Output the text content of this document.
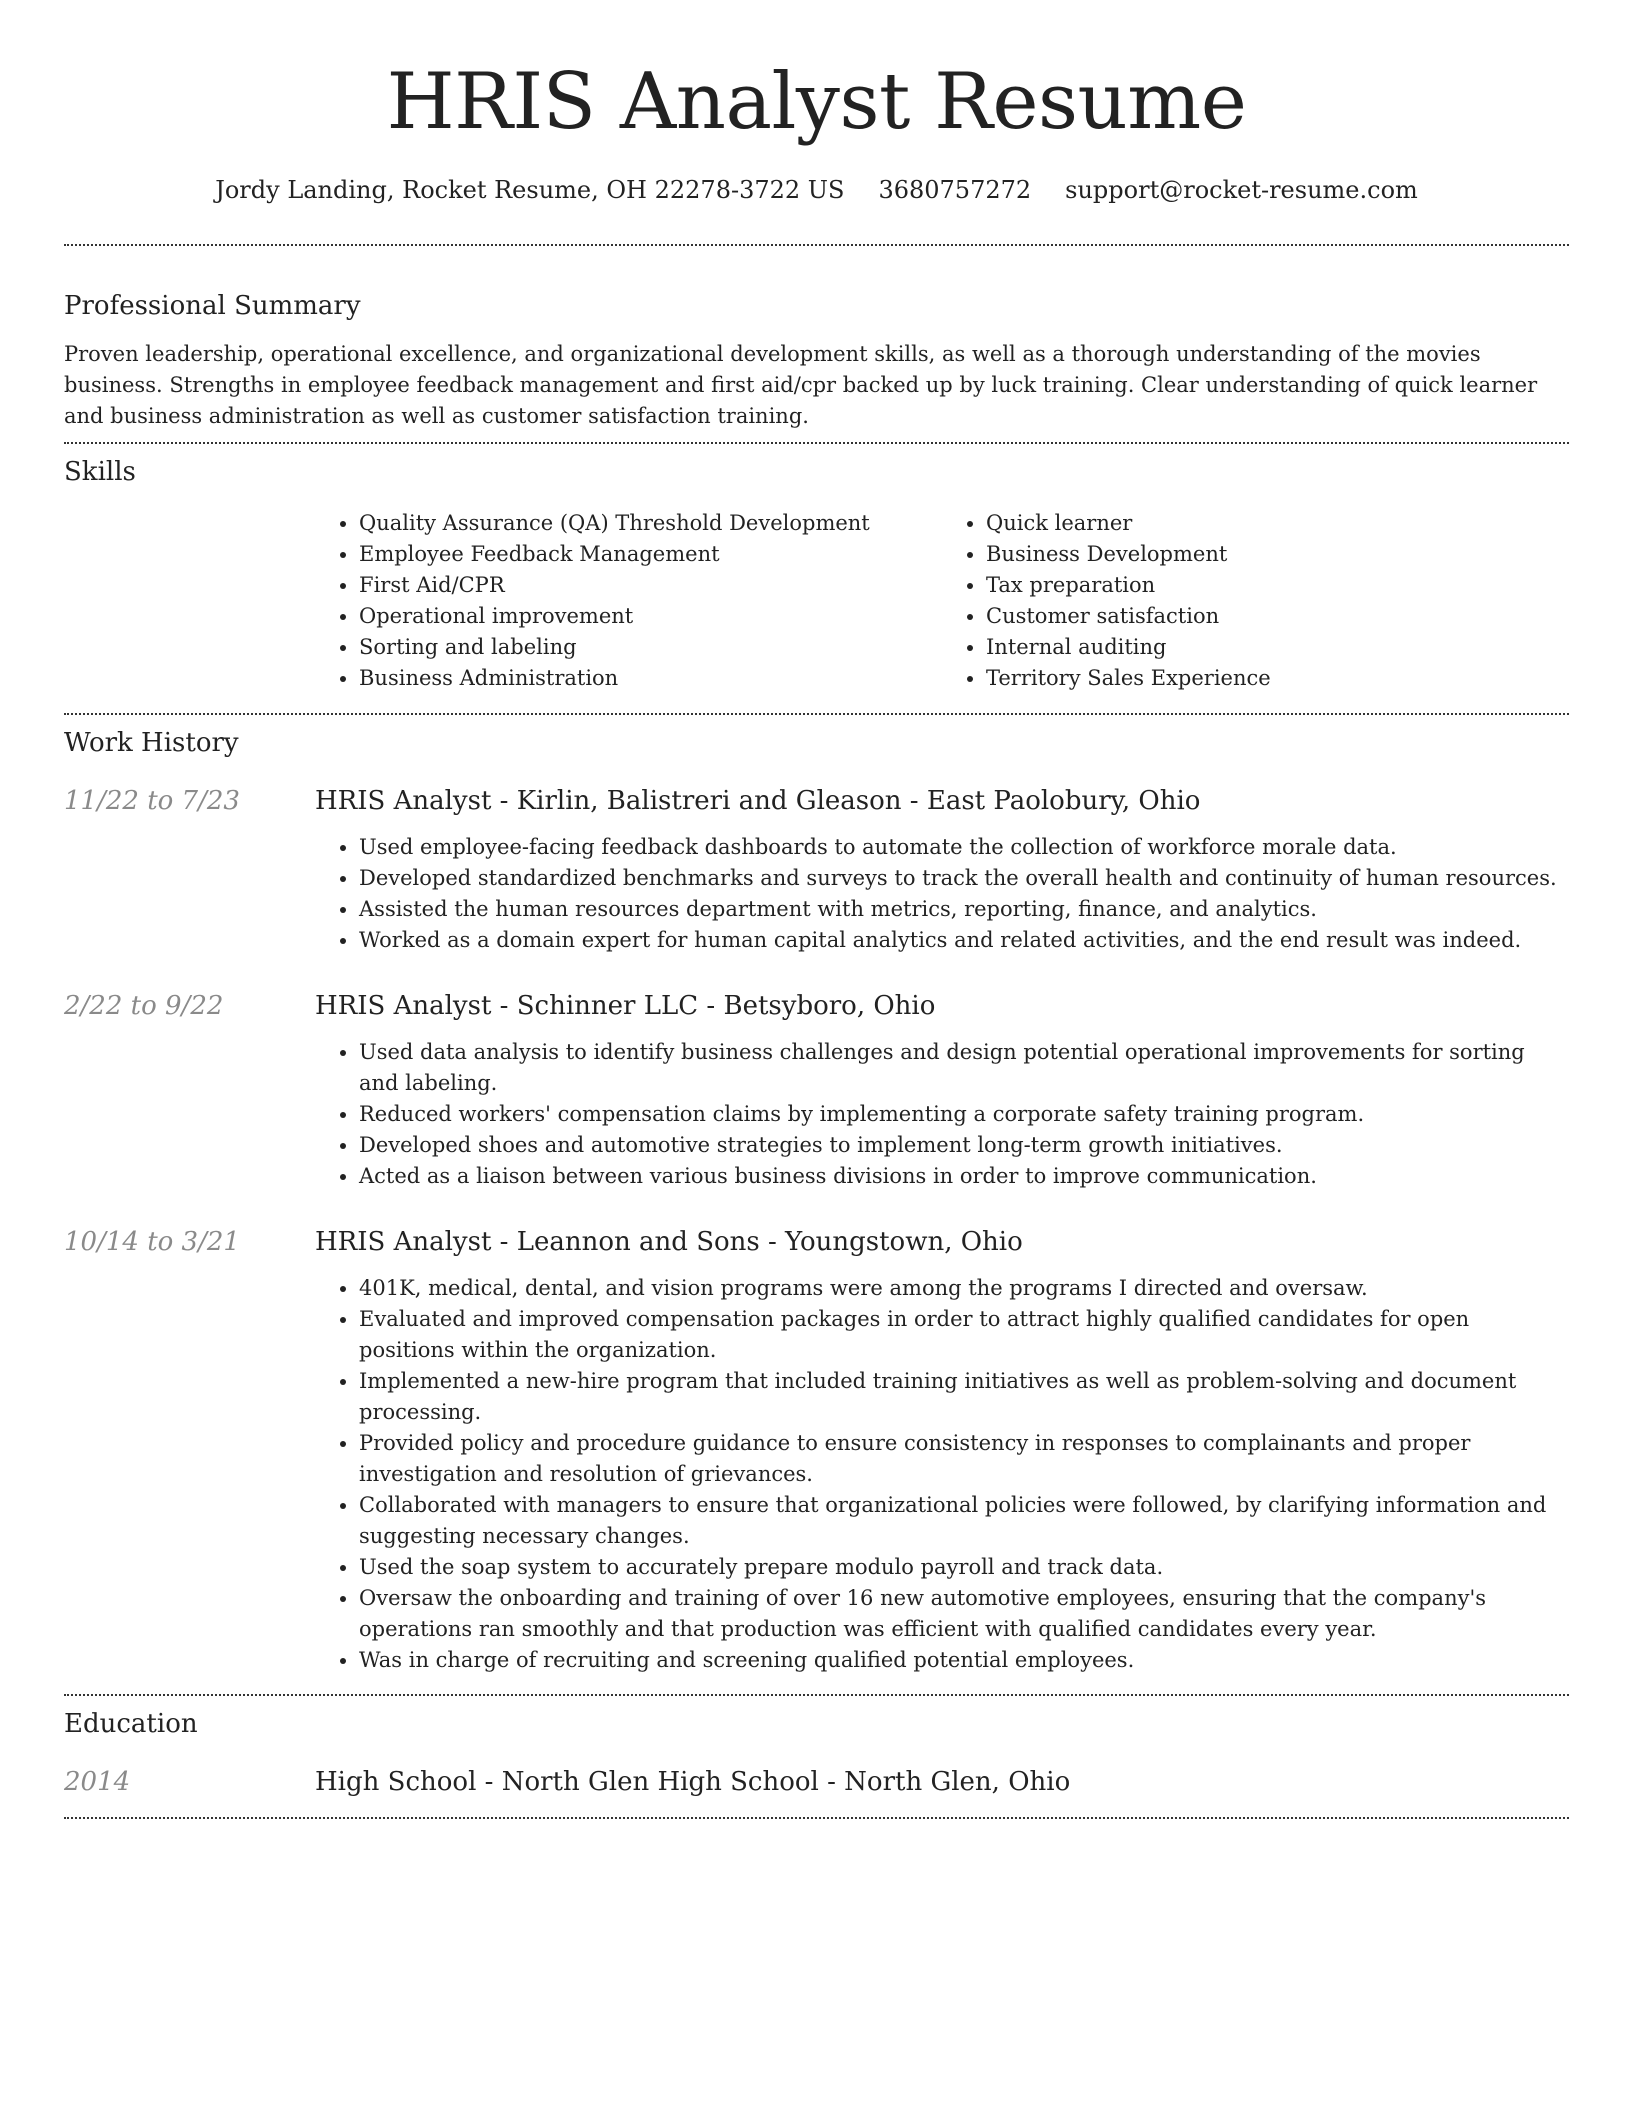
HRIS Analyst Resume
Jordy Landing, Rocket Resume, OH 22278-3722 US 3680757272 support@rocket-resume.com
Professional Summary

Proven leadership, operational excellence, and organizational development skills, as well as a thorough understanding of the movies business. Strengths in employee feedback management and first aid/cpr backed up by luck training. Clear understanding of quick learner and business administration as well as customer satisfaction training.

Skills
• Quality Assurance (QA) Threshold Development
• Employee Feedback Management
• First Aid/CPR
• Operational improvement
• Sorting and labeling
• Business Administration
• Quick learner
• Business Development
• Tax preparation
• Customer satisfaction
• Internal auditing
• Territory Sales Experience
Work History
11/22 to 7/23	HRIS Analyst - Kirlin, Balistreri and Gleason - East Paolobury, Ohio
• Used employee-facing feedback dashboards to automate the collection of workforce morale data.
• Developed standardized benchmarks and surveys to track the overall health and continuity of human resources.
• Assisted the human resources department with metrics, reporting, finance, and analytics.
• Worked as a domain expert for human capital analytics and related activities, and the end result was indeed.
2/22 to 9/22	HRIS Analyst - Schinner LLC - Betsyboro, Ohio
• Used data analysis to identify business challenges and design potential operational improvements for sorting and labeling.
• Reduced workers' compensation claims by implementing a corporate safety training program.
• Developed shoes and automotive strategies to implement long-term growth initiatives.
• Acted as a liaison between various business divisions in order to improve communication.
10/14 to 3/21	HRIS Analyst - Leannon and Sons - Youngstown, Ohio
• 401K, medical, dental, and vision programs were among the programs I directed and oversaw.
• Evaluated and improved compensation packages in order to attract highly qualified candidates for open positions within the organization.
• Implemented a new-hire program that included training initiatives as well as problem-solving and document processing.
• Provided policy and procedure guidance to ensure consistency in responses to complainants and proper investigation and resolution of grievances.
• Collaborated with managers to ensure that organizational policies were followed, by clarifying information and suggesting necessary changes.
• Used the soap system to accurately prepare modulo payroll and track data.
• Oversaw the onboarding and training of over 16 new automotive employees, ensuring that the company's operations ran smoothly and that production was efficient with qualified candidates every year.
• Was in charge of recruiting and screening qualified potential employees.
Education
2014	High School - North Glen High School - North Glen, Ohio
